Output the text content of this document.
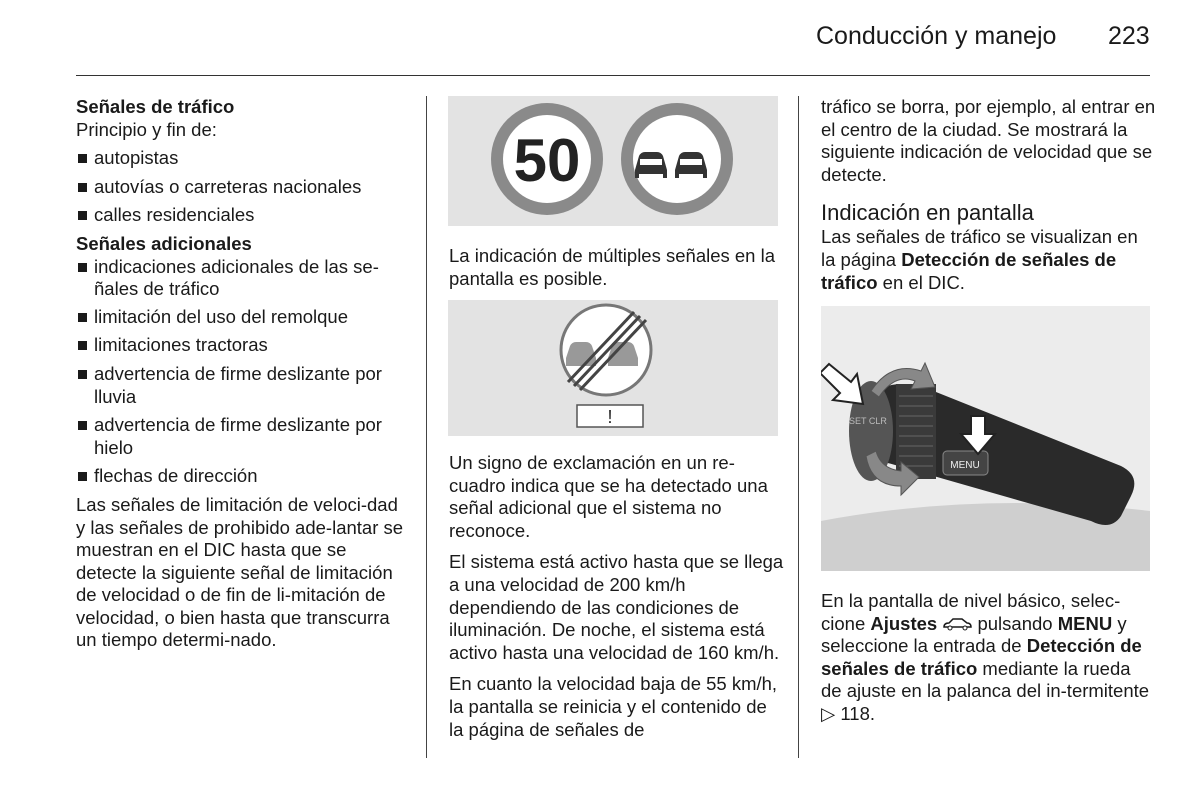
Conducción y manejo 223
Señales de tráfico

Principio y fin de:

autopistas
autovías o carreteras nacionales
calles residenciales
Señales adicionales
indicaciones adicionales de las se-ñales de tráfico
limitación del uso del remolque
limitaciones tractoras
advertencia de firme deslizante por lluvia
advertencia de firme deslizante por hielo
flechas de dirección

Las señales de limitación de veloci-dad y las señales de prohibido ade-lantar se muestran en el DIC hasta que se detecte la siguiente señal de limitación de velocidad o de fin de li-mitación de velocidad, o bien hasta que transcurra un tiempo determi-nado.

50

La indicación de múltiples señales en la pantalla es posible.

!

Un signo de exclamación en un re-cuadro indica que se ha detectado una señal adicional que el sistema no reconoce.

El sistema está activo hasta que se llega a una velocidad de 200 km/h dependiendo de las condiciones de iluminación. De noche, el sistema está activo hasta una velocidad de 160 km/h.

En cuanto la velocidad baja de 55 km/h, la pantalla se reinicia y el contenido de la página de señales de

tráfico se borra, por ejemplo, al entrar en el centro de la ciudad. Se mostrará la siguiente indicación de velocidad que se detecte.

Indicación en pantalla

Las señales de tráfico se visualizan en la página Detección de señales de tráfico en el DIC.

SET CLR
MENU

En la pantalla de nivel básico, selec-cione Ajustes  pulsando MENU y seleccione la entrada de Detección de señales de tráfico mediante la rueda de ajuste en la palanca del in-termitente ▷ 118.
